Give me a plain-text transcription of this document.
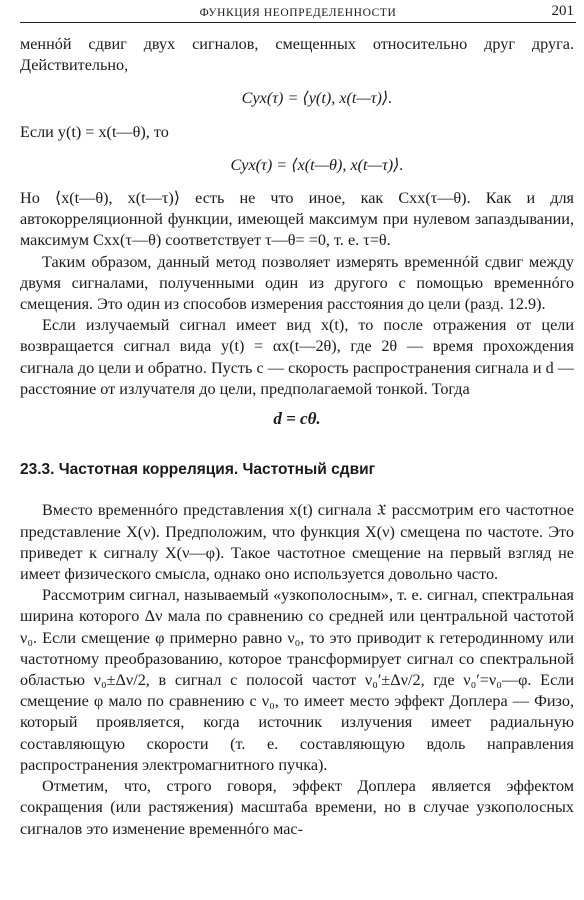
ФУНКЦИЯ НЕОПРЕДЕЛЕННОСТИ	201

меннóй сдвиг двух сигналов, смещенных относительно друг друга. Действительно,

Cyx(τ) = ⟨y(t), x(t—τ)⟩.

Если y(t) = x(t—θ), то

Cyx(τ) = ⟨x(t—θ), x(t—τ)⟩.

Но ⟨x(t—θ), x(t—τ)⟩ есть не что иное, как Cxx(τ—θ). Как и для автокорреляционной функции, имеющей максимум при нулевом запаздывании, максимум Cxx(τ—θ) соответствует τ—θ= =0, т. е. τ=θ.

Таким образом, данный метод позволяет измерять временнóй сдвиг между двумя сигналами, полученными один из другого с помощью временнóго смещения. Это один из способов измерения расстояния до цели (разд. 12.9).

Если излучаемый сигнал имеет вид x(t), то после отражения от цели возвращается сигнал вида y(t) = αx(t—2θ), где 2θ — время прохождения сигнала до цели и обратно. Пусть c — скорость распространения сигнала и d — расстояние от излучателя до цели, предполагаемой тонкой. Тогда

d = cθ.
23.3. Частотная корреляция. Частотный сдвиг

Вместо временнóго представления x(t) сигнала 𝔛 рассмотрим его частотное представление X(ν). Предположим, что функция X(ν) смещена по частоте. Это приведет к сигналу X(ν—φ). Такое частотное смещение на первый взгляд не имеет физического смысла, однако оно используется довольно часто.

Рассмотрим сигнал, называемый «узкополосным», т. е. сигнал, спектральная ширина которого Δν мала по сравнению со средней или центральной частотой ν₀. Если смещение φ примерно равно ν₀, то это приводит к гетеродинному или частотному преобразованию, которое трансформирует сигнал со спектральной областью ν₀±Δν/2, в сигнал с полосой частот ν₀′±Δν/2, где ν₀′=ν₀—φ. Если смещение φ мало по сравнению с ν₀, то имеет место эффект Доплера — Физо, который проявляется, когда источник излучения имеет радиальную составляющую скорости (т. е. составляющую вдоль направления распространения электромагнитного пучка).

Отметим, что, строго говоря, эффект Доплера является эффектом сокращения (или растяжения) масштаба времени, но в случае узкополосных сигналов это изменение временнóго мас-
